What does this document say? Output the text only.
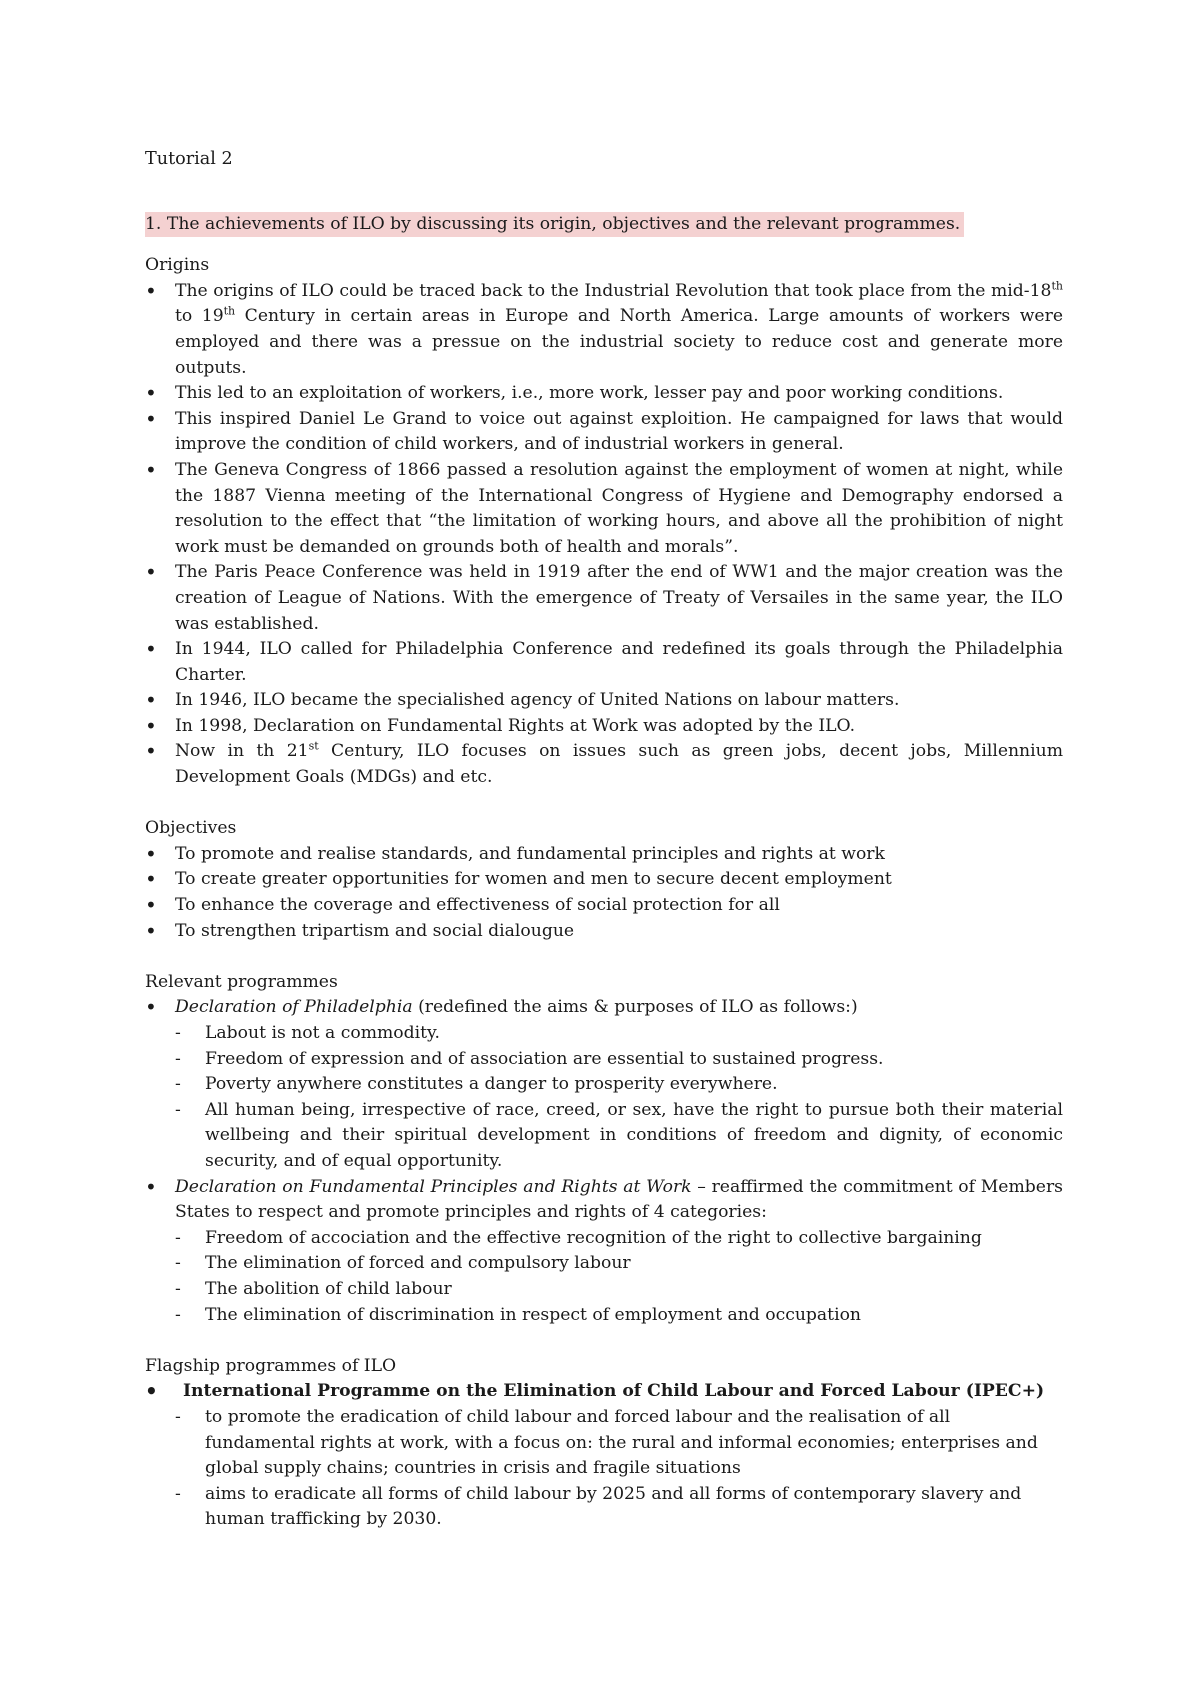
Tutorial 2
1. The achievements of ILO by discussing its origin, objectives and the relevant programmes.
Origins
• The origins of ILO could be traced back to the Industrial Revolution that took place from the mid-18th to 19th Century in certain areas in Europe and North America. Large amounts of workers were employed and there was a pressue on the industrial society to reduce cost and generate more outputs.
• This led to an exploitation of workers, i.e., more work, lesser pay and poor working conditions.
• This inspired Daniel Le Grand to voice out against exploition. He campaigned for laws that would improve the condition of child workers, and of industrial workers in general.
• The Geneva Congress of 1866 passed a resolution against the employment of women at night, while the 1887 Vienna meeting of the International Congress of Hygiene and Demography endorsed a resolution to the effect that “the limitation of working hours, and above all the prohibition of night work must be demanded on grounds both of health and morals”.
• The Paris Peace Conference was held in 1919 after the end of WW1 and the major creation was the creation of League of Nations. With the emergence of Treaty of Versailes in the same year, the ILO was established.
• In 1944, ILO called for Philadelphia Conference and redefined its goals through the Philadelphia Charter.
• In 1946, ILO became the specialished agency of United Nations on labour matters.
• In 1998, Declaration on Fundamental Rights at Work was adopted by the ILO.
• Now in th 21st Century, ILO focuses on issues such as green jobs, decent jobs, Millennium Development Goals (MDGs) and etc.
Objectives
• To promote and realise standards, and fundamental principles and rights at work
• To create greater opportunities for women and men to secure decent employment
• To enhance the coverage and effectiveness of social protection for all
• To strengthen tripartism and social dialougue
Relevant programmes
• Declaration of Philadelphia (redefined the aims & purposes of ILO as follows:)
- Labout is not a commodity.
- Freedom of expression and of association are essential to sustained progress.
- Poverty anywhere constitutes a danger to prosperity everywhere.
- All human being, irrespective of race, creed, or sex, have the right to pursue both their material wellbeing and their spiritual development in conditions of freedom and dignity, of economic security, and of equal opportunity.
• Declaration on Fundamental Principles and Rights at Work – reaffirmed the commitment of Members States to respect and promote principles and rights of 4 categories:
- Freedom of accociation and the effective recognition of the right to collective bargaining
- The elimination of forced and compulsory labour
- The abolition of child labour
- The elimination of discrimination in respect of employment and occupation
Flagship programmes of ILO
• International Programme on the Elimination of Child Labour and Forced Labour (IPEC+)
- to promote the eradication of child labour and forced labour and the realisation of all fundamental rights at work, with a focus on: the rural and informal economies; enterprises and global supply chains; countries in crisis and fragile situations
- aims to eradicate all forms of child labour by 2025 and all forms of contemporary slavery and human trafficking by 2030.
